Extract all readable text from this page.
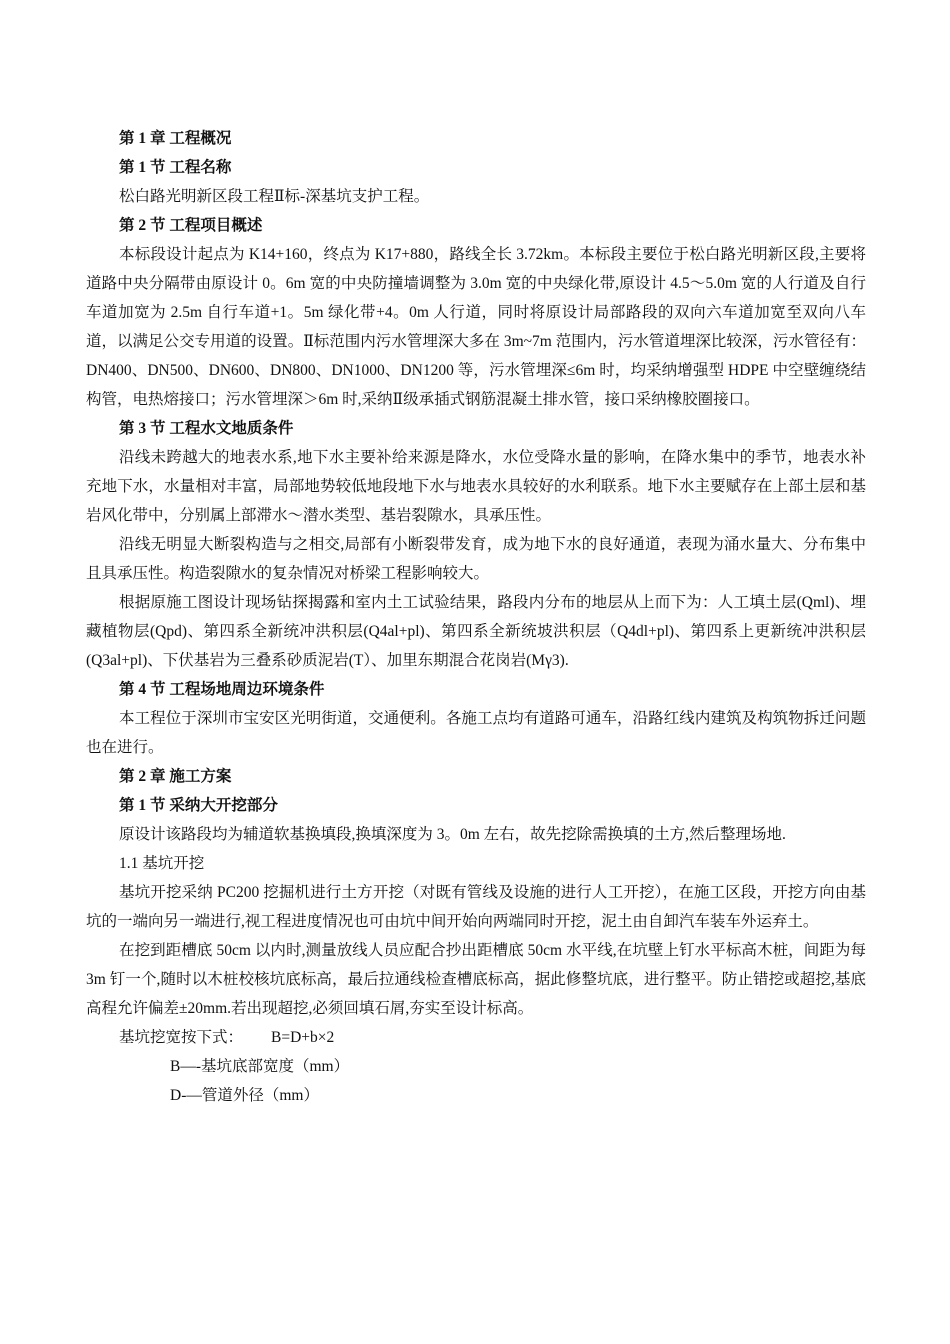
第 1 章 工程概况
第 1 节 工程名称
松白路光明新区段工程Ⅱ标-深基坑支护工程。
第 2 节 工程项目概述
本标段设计起点为 K14+160，终点为 K17+880，路线全长 3.72km。本标段主要位于松白路光明新区段,主要将道路中央分隔带由原设计 0。6m 宽的中央防撞墙调整为 3.0m 宽的中央绿化带,原设计 4.5～5.0m 宽的人行道及自行车道加宽为 2.5m 自行车道+1。5m 绿化带+4。0m 人行道，同时将原设计局部路段的双向六车道加宽至双向八车道，以满足公交专用道的设置。Ⅱ标范围内污水管埋深大多在 3m~7m 范围内，污水管道埋深比较深，污水管径有：DN400、DN500、DN600、DN800、DN1000、DN1200 等，污水管埋深≤6m 时，均采纳增强型 HDPE 中空壁缠绕结构管，电热熔接口；污水管埋深＞6m 时,采纳Ⅱ级承插式钢筋混凝土排水管，接口采纳橡胶圈接口。
第 3 节 工程水文地质条件
沿线未跨越大的地表水系,地下水主要补给来源是降水，水位受降水量的影响，在降水集中的季节，地表水补充地下水，水量相对丰富，局部地势较低地段地下水与地表水具较好的水利联系。地下水主要赋存在上部土层和基岩风化带中，分别属上部滞水～潜水类型、基岩裂隙水，具承压性。
沿线无明显大断裂构造与之相交,局部有小断裂带发育，成为地下水的良好通道，表现为涌水量大、分布集中且具承压性。构造裂隙水的复杂情况对桥梁工程影响较大。
根据原施工图设计现场钻探揭露和室内土工试验结果，路段内分布的地层从上而下为：人工填土层(Qml)、埋藏植物层(Qpd)、第四系全新统冲洪积层(Q4al+pl)、第四系全新统坡洪积层（Q4dl+pl)、第四系上更新统冲洪积层(Q3al+pl)、下伏基岩为三叠系砂质泥岩(T）、加里东期混合花岗岩(Mγ3).
第 4 节 工程场地周边环境条件
本工程位于深圳市宝安区光明街道，交通便利。各施工点均有道路可通车，沿路红线内建筑及构筑物拆迁问题也在进行。
第 2 章 施工方案
第 1 节 采纳大开挖部分
原设计该路段均为辅道软基换填段,换填深度为 3。0m 左右，故先挖除需换填的土方,然后整理场地.
1.1 基坑开挖
基坑开挖采纳 PC200 挖掘机进行土方开挖（对既有管线及设施的进行人工开挖），在施工区段，开挖方向由基坑的一端向另一端进行,视工程进度情况也可由坑中间开始向两端同时开挖，泥土由自卸汽车装车外运弃土。
在挖到距槽底 50cm 以内时,测量放线人员应配合抄出距槽底 50cm 水平线,在坑壁上钉水平标高木桩，间距为每 3m 钉一个,随时以木桩校核坑底标高，最后拉通线检查槽底标高，据此修整坑底，进行整平。防止错挖或超挖,基底高程允许偏差±20mm.若出现超挖,必须回填石屑,夯实至设计标高。
基坑挖宽按下式： B=D+b×2
B—-基坑底部宽度（mm）
D-—管道外径（mm）
